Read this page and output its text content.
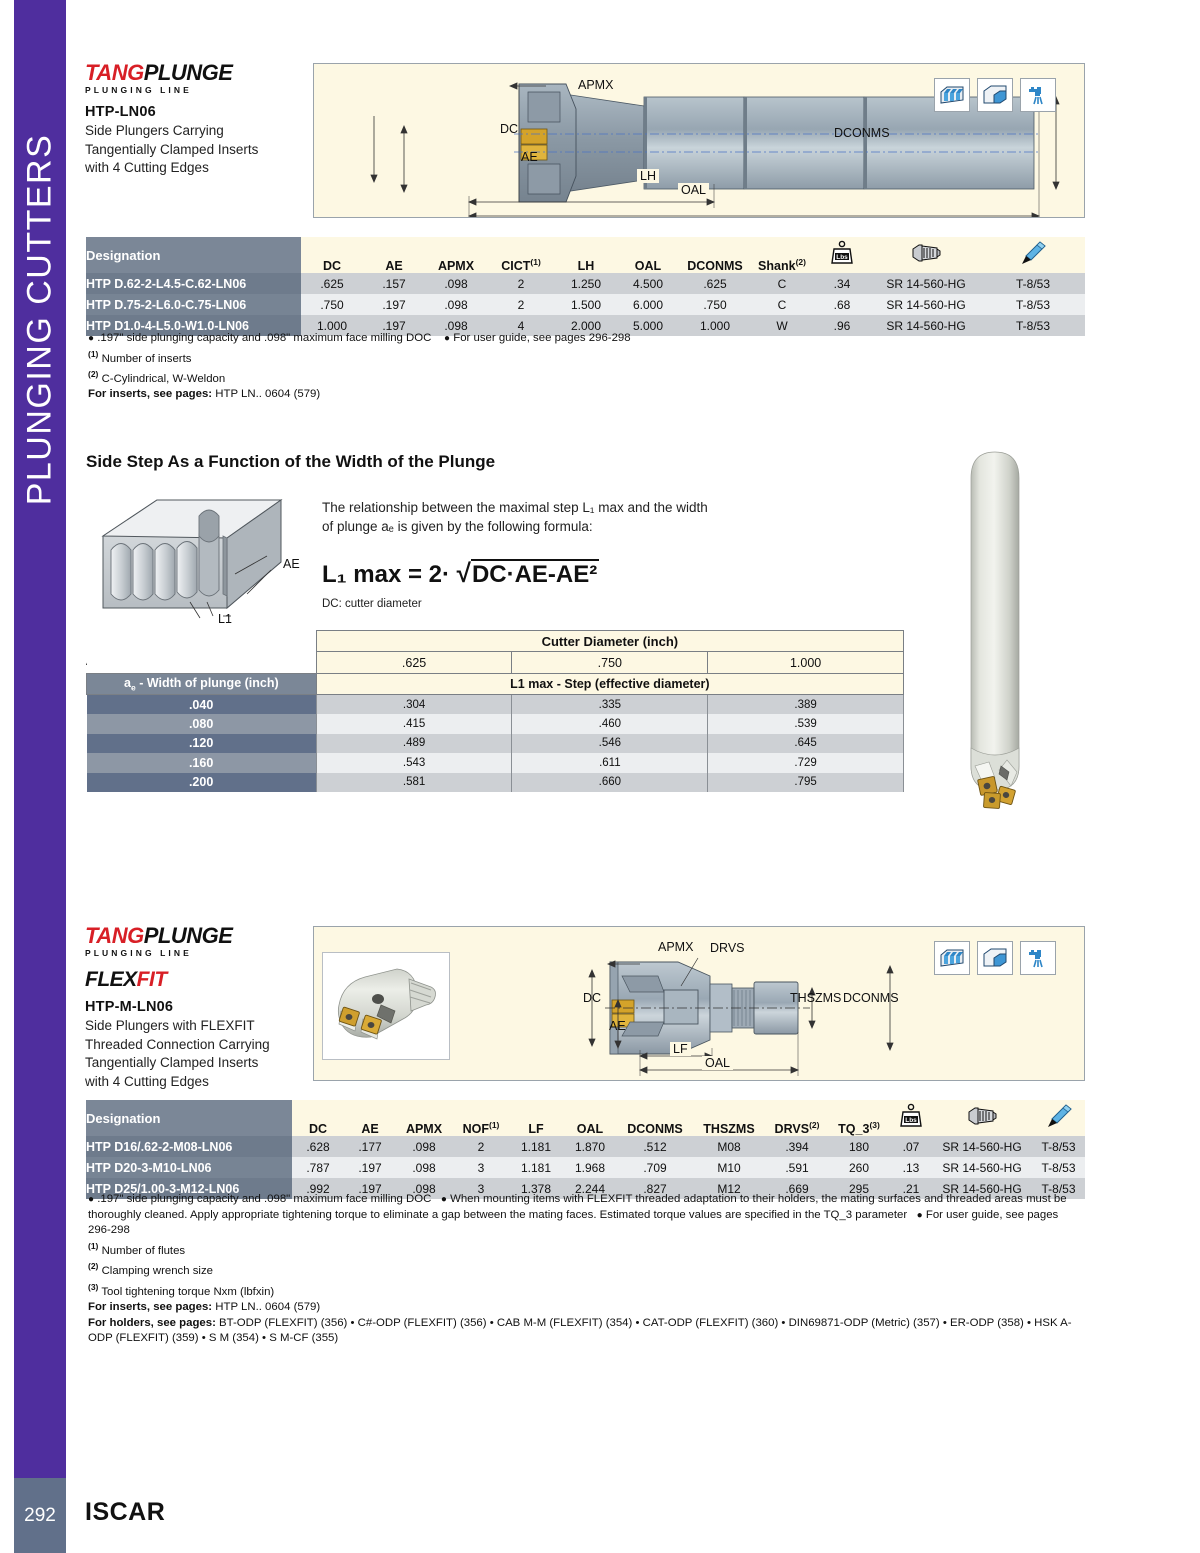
PLUNGING CUTTERS
292	ISCAR
TANGPLUNGE
PLUNGING LINE
HTP-LN06
Side Plungers Carrying
Tangentially Clamped Inserts
with 4 Cutting Edges
APMX
DC
AE
LH
OAL
DCONMS
Designation	DC	AE	APMX	CICT$^{(1)}$	LH	OAL	DCONMS	Shank$^{(2)}$	Lbs

HTP D.62-2-L4.5-C.62-LN06	.625	.157	.098	2	1.250	4.500	.625	C	.34	SR 14-560-HG	T-8/53
HTP D.75-2-L6.0-C.75-LN06	.750	.197	.098	2	1.500	6.000	.750	C	.68	SR 14-560-HG	T-8/53
HTP D1.0-4-L5.0-W1.0-LN06	1.000	.197	.098	4	2.000	5.000	1.000	W	.96	SR 14-560-HG	T-8/53
● .197" side plunging capacity and .098" maximum face milling DOC ● For user guide, see pages 296-298
$^{(1)}$ Number of inserts
$^{(2)}$ C-Cylindrical, W-Weldon
For inserts, see pages: HTP LN.. 0604 (579)
Side Step As a Function of the Width of the Plunge
AE
L1
The relationship between the maximal step L₁ max and the width of plunge aₑ is given by the following formula:
L₁ max = 2· √DC·AE-AE²
DC: cutter diameter
	Cutter Diameter (inch)		
	.625	.750	1.000
$a_e$ - Width of plunge (inch)	L1 max - Step (effective diameter)		
.040	.304	.335	.389
.080	.415	.460	.539
.120	.489	.546	.645
.160	.543	.611	.729
.200	.581	.660	.795
TANGPLUNGE
PLUNGING LINE
FLEXFIT
HTP-M-LN06
Side Plungers with FLEXFIT
Threaded Connection Carrying
Tangentially Clamped Inserts
with 4 Cutting Edges
APMX DRVS
DC
AE
THSZMS DCONMS
LF
OAL
Designation	DC	AE	APMX	NOF$^{(1)}$	LF	OAL	DCONMS	THSZMS	DRVS$^{(2)}$	TQ_3$^{(3)}$	Lbs

HTP D16/.62-2-M08-LN06	.628	.177	.098	2	1.181	1.870	.512	M08	.394	180	.07	SR 14-560-HG	T-8/53
HTP D20-3-M10-LN06	.787	.197	.098	3	1.181	1.968	.709	M10	.591	260	.13	SR 14-560-HG	T-8/53
HTP D25/1.00-3-M12-LN06	.992	.197	.098	3	1.378	2.244	.827	M12	.669	295	.21	SR 14-560-HG	T-8/53
● .197" side plunging capacity and .098" maximum face milling DOC ● When mounting items with FLEXFIT threaded adaptation to their holders, the mating surfaces and threaded areas must be thoroughly cleaned. Apply appropriate tightening torque to eliminate a gap between the mating faces. Estimated torque values are specified in the TQ_3 parameter ● For user guide, see pages 296-298
$^{(1)}$ Number of flutes
$^{(2)}$ Clamping wrench size
$^{(3)}$ Tool tightening torque Nxm (lbfxin)
For inserts, see pages: HTP LN.. 0604 (579)
For holders, see pages: BT-ODP (FLEXFIT) (356) • C#-ODP (FLEXFIT) (356) • CAB M-M (FLEXFIT) (354) • CAT-ODP (FLEXFIT) (360) • DIN69871-ODP (Metric) (357) • ER-ODP (358) • HSK A-ODP (FLEXFIT) (359) • S M (354) • S M-CF (355)
